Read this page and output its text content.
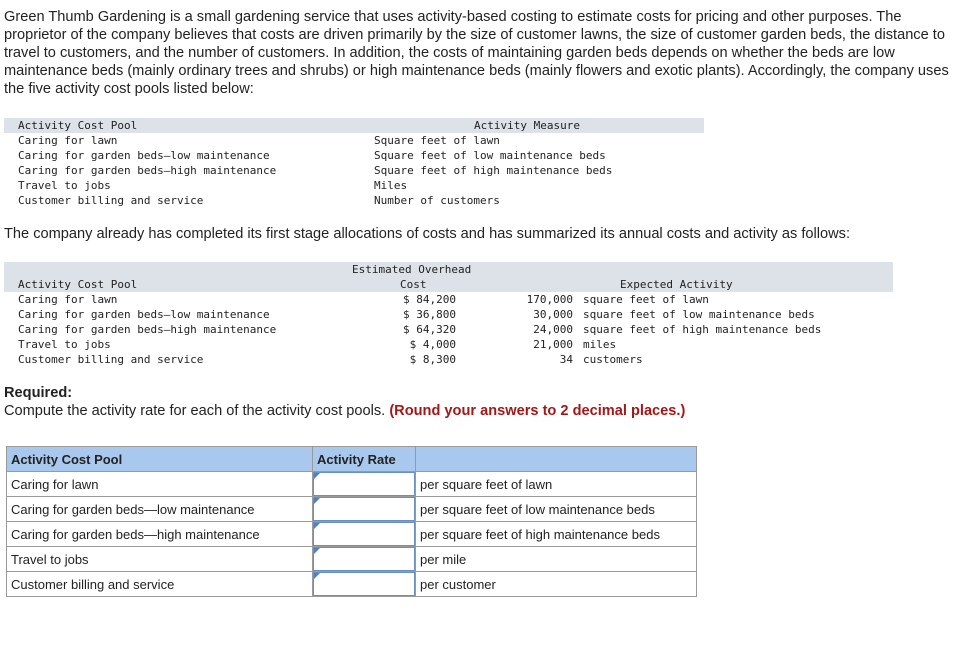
Green Thumb Gardening is a small gardening service that uses activity-based costing to estimate costs for pricing and other purposes. The proprietor of the company believes that costs are driven primarily by the size of customer lawns, the size of customer garden beds, the distance to travel to customers, and the number of customers. In addition, the costs of maintaining garden beds depends on whether the beds are low maintenance beds (mainly ordinary trees and shrubs) or high maintenance beds (mainly flowers and exotic plants). Accordingly, the company uses the five activity cost pools listed below:

Activity Cost Pool	Activity Measure
Caring for lawn	Square feet of lawn
Caring for garden beds–low maintenance	Square feet of low maintenance beds
Caring for garden beds–high maintenance	Square feet of high maintenance beds
Travel to jobs	Miles
Customer billing and service	Number of customers

The company already has completed its first stage allocations of costs and has summarized its annual costs and activity as follows:

Estimated Overhead
Cost
Activity Cost Pool	Expected Activity
Caring for lawn	$ 84,200	170,000 square feet of lawn
Caring for garden beds–low maintenance	$ 36,800	30,000 square feet of low maintenance beds
Caring for garden beds–high maintenance	$ 64,320	24,000 square feet of high maintenance beds
Travel to jobs	$ 4,000	21,000 miles
Customer billing and service	$ 8,300	34 customers

Required:
Compute the activity rate for each of the activity cost pools. (Round your answers to 2 decimal places.)

Activity Cost Pool	Activity Rate	
Caring for lawn		per square feet of lawn
Caring for garden beds—low maintenance		per square feet of low maintenance beds
Caring for garden beds—high maintenance		per square feet of high maintenance beds
Travel to jobs		per mile
Customer billing and service		per customer
